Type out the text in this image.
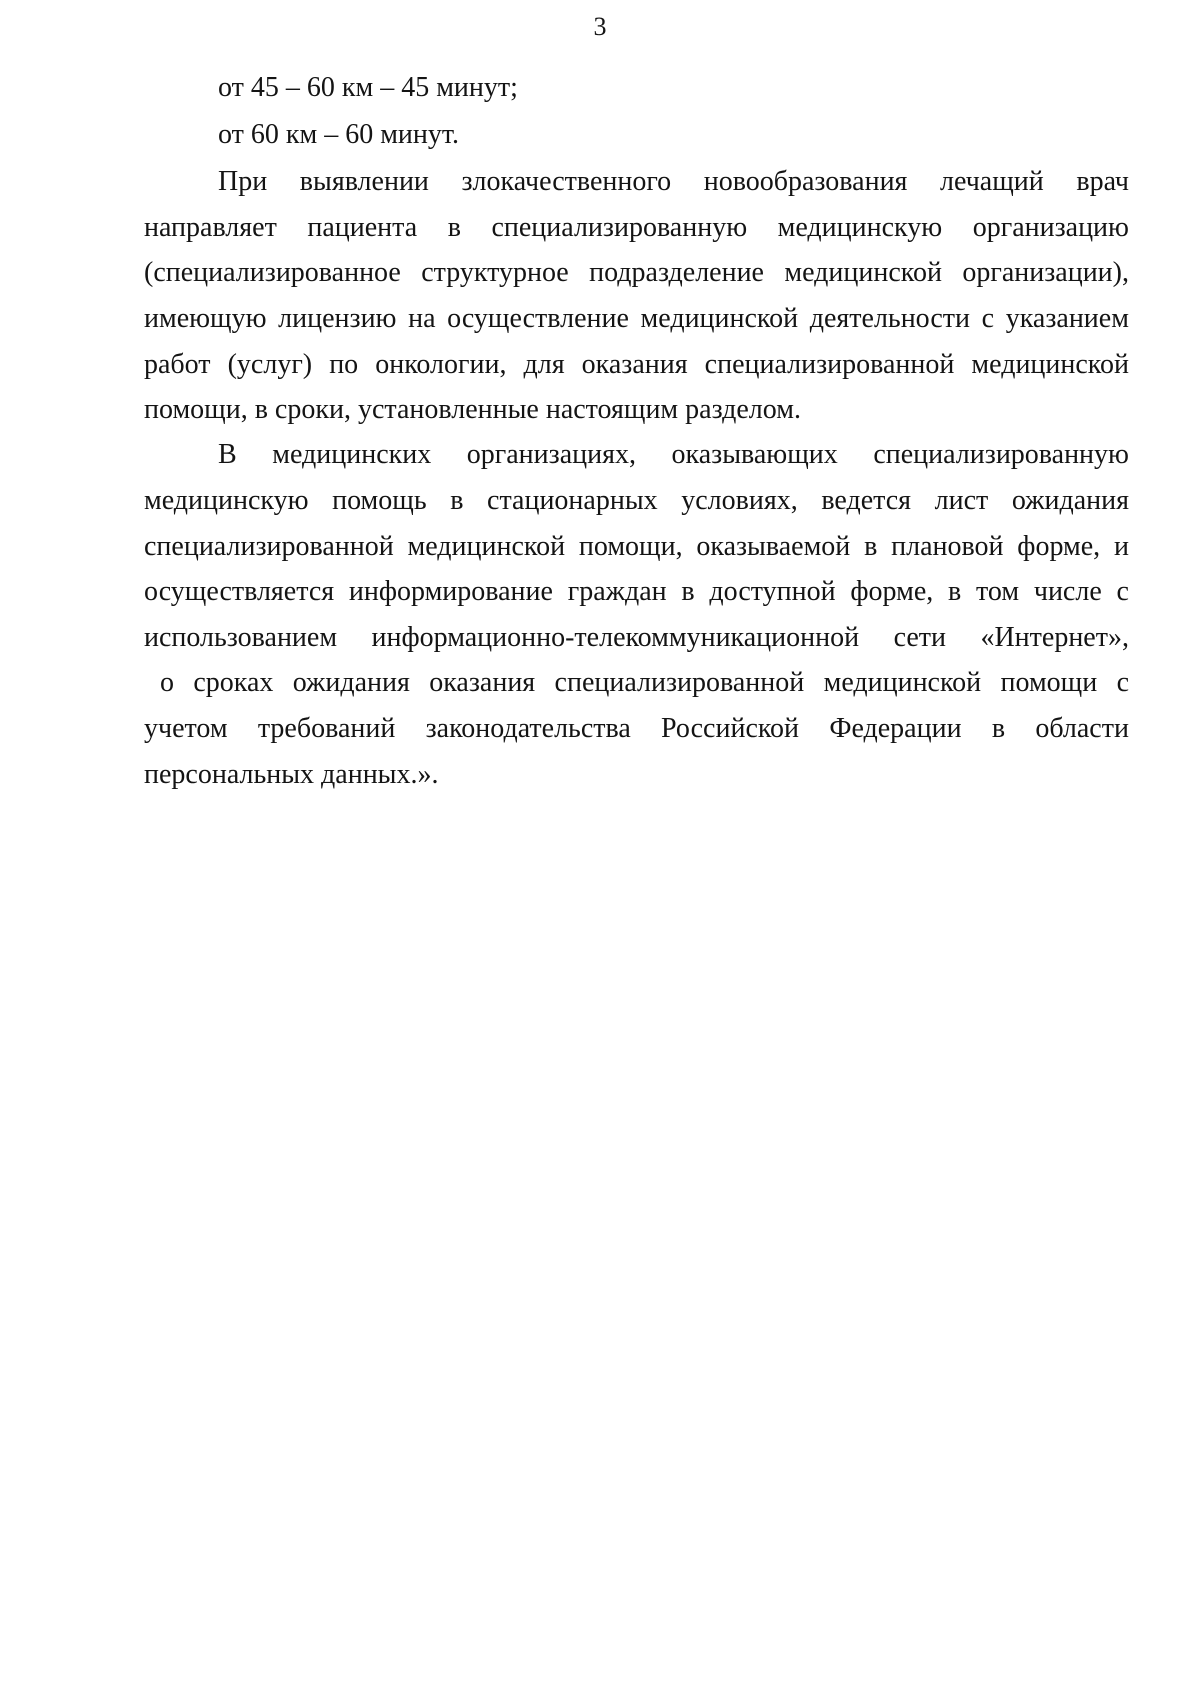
3
от 45 – 60 км – 45 минут;
от 60 км – 60 минут.
При выявлении злокачественного новообразования лечащий врач
направляет пациента в специализированную медицинскую организацию
(специализированное структурное подразделение медицинской организации),
имеющую лицензию на осуществление медицинской деятельности с указанием
работ (услуг) по онкологии, для оказания специализированной медицинской
помощи, в сроки, установленные настоящим разделом.
В медицинских организациях, оказывающих специализированную
медицинскую помощь в стационарных условиях, ведется лист ожидания
специализированной медицинской помощи, оказываемой в плановой форме, и
осуществляется информирование граждан в доступной форме, в том числе с
использованием информационно-телекоммуникационной сети «Интернет»,
о сроках ожидания оказания специализированной медицинской помощи с
учетом требований законодательства Российской Федерации в области
персональных данных.».
